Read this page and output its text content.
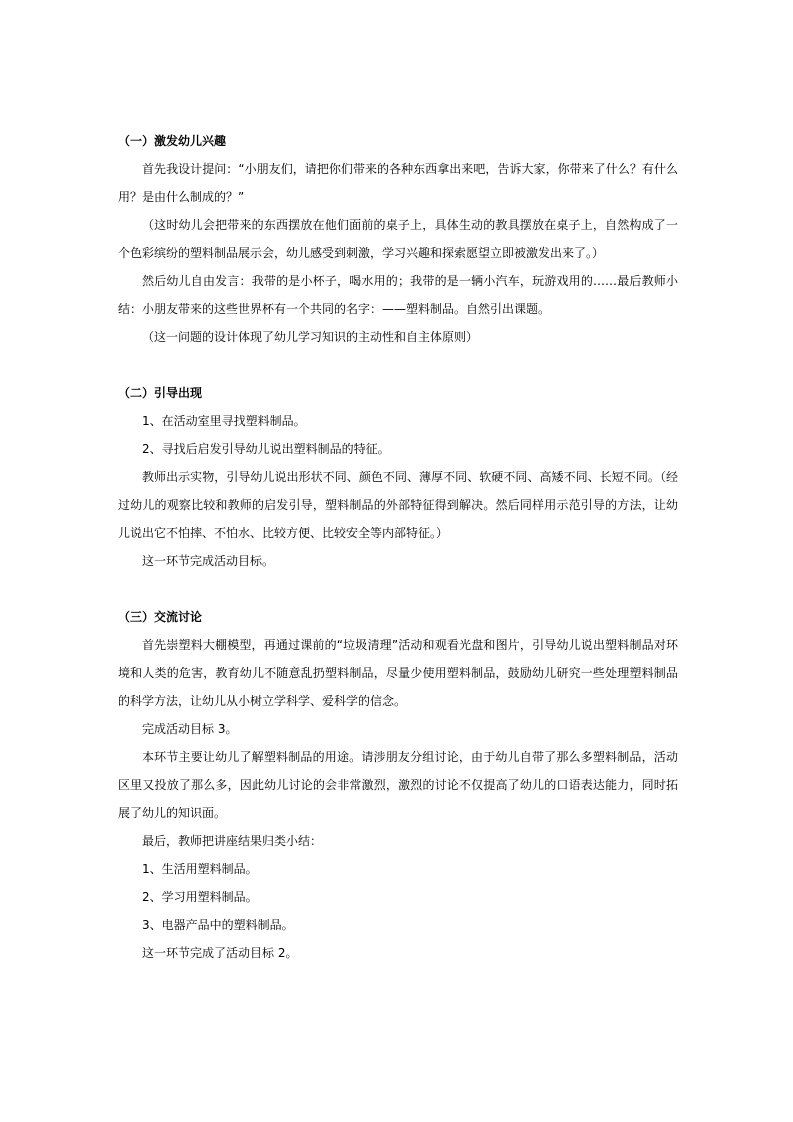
（一）激发幼儿兴趣

首先我设计提问：“小朋友们，请把你们带来的各种东西拿出来吧，告诉大家，你带来了什么？有什么用？是由什么制成的？”

（这时幼儿会把带来的东西摆放在他们面前的桌子上，具体生动的教具摆放在桌子上，自然构成了一个色彩缤纷的塑料制品展示会，幼儿感受到刺激，学习兴趣和探索愿望立即被激发出来了。）

然后幼儿自由发言：我带的是小杯子，喝水用的；我带的是一辆小汽车，玩游戏用的……最后教师小结：小朋友带来的这些世界杯有一个共同的名字：——塑料制品。自然引出课题。

（这一问题的设计体现了幼儿学习知识的主动性和自主体原则）

（二）引导出现

1、在活动室里寻找塑料制品。

2、寻找后启发引导幼儿说出塑料制品的特征。

教师出示实物，引导幼儿说出形状不同、颜色不同、薄厚不同、软硬不同、高矮不同、长短不同。（经过幼儿的观察比较和教师的启发引导，塑料制品的外部特征得到解决。然后同样用示范引导的方法，让幼儿说出它不怕摔、不怕水、比较方便、比较安全等内部特征。）

这一环节完成活动目标。

（三）交流讨论

首先崇塑料大棚模型，再通过课前的“垃圾清理”活动和观看光盘和图片，引导幼儿说出塑料制品对环境和人类的危害，教育幼儿不随意乱扔塑料制品，尽量少使用塑料制品，鼓励幼儿研究一些处理塑料制品的科学方法，让幼儿从小树立学科学、爱科学的信念。

完成活动目标 3。

本环节主要让幼儿了解塑料制品的用途。请涉朋友分组讨论，由于幼儿自带了那么多塑料制品，活动区里又投放了那么多，因此幼儿讨论的会非常激烈，激烈的讨论不仅提高了幼儿的口语表达能力，同时拓展了幼儿的知识面。

最后，教师把讲座结果归类小结：

1、生活用塑料制品。

2、学习用塑料制品。

3、电器产品中的塑料制品。

这一环节完成了活动目标 2。
